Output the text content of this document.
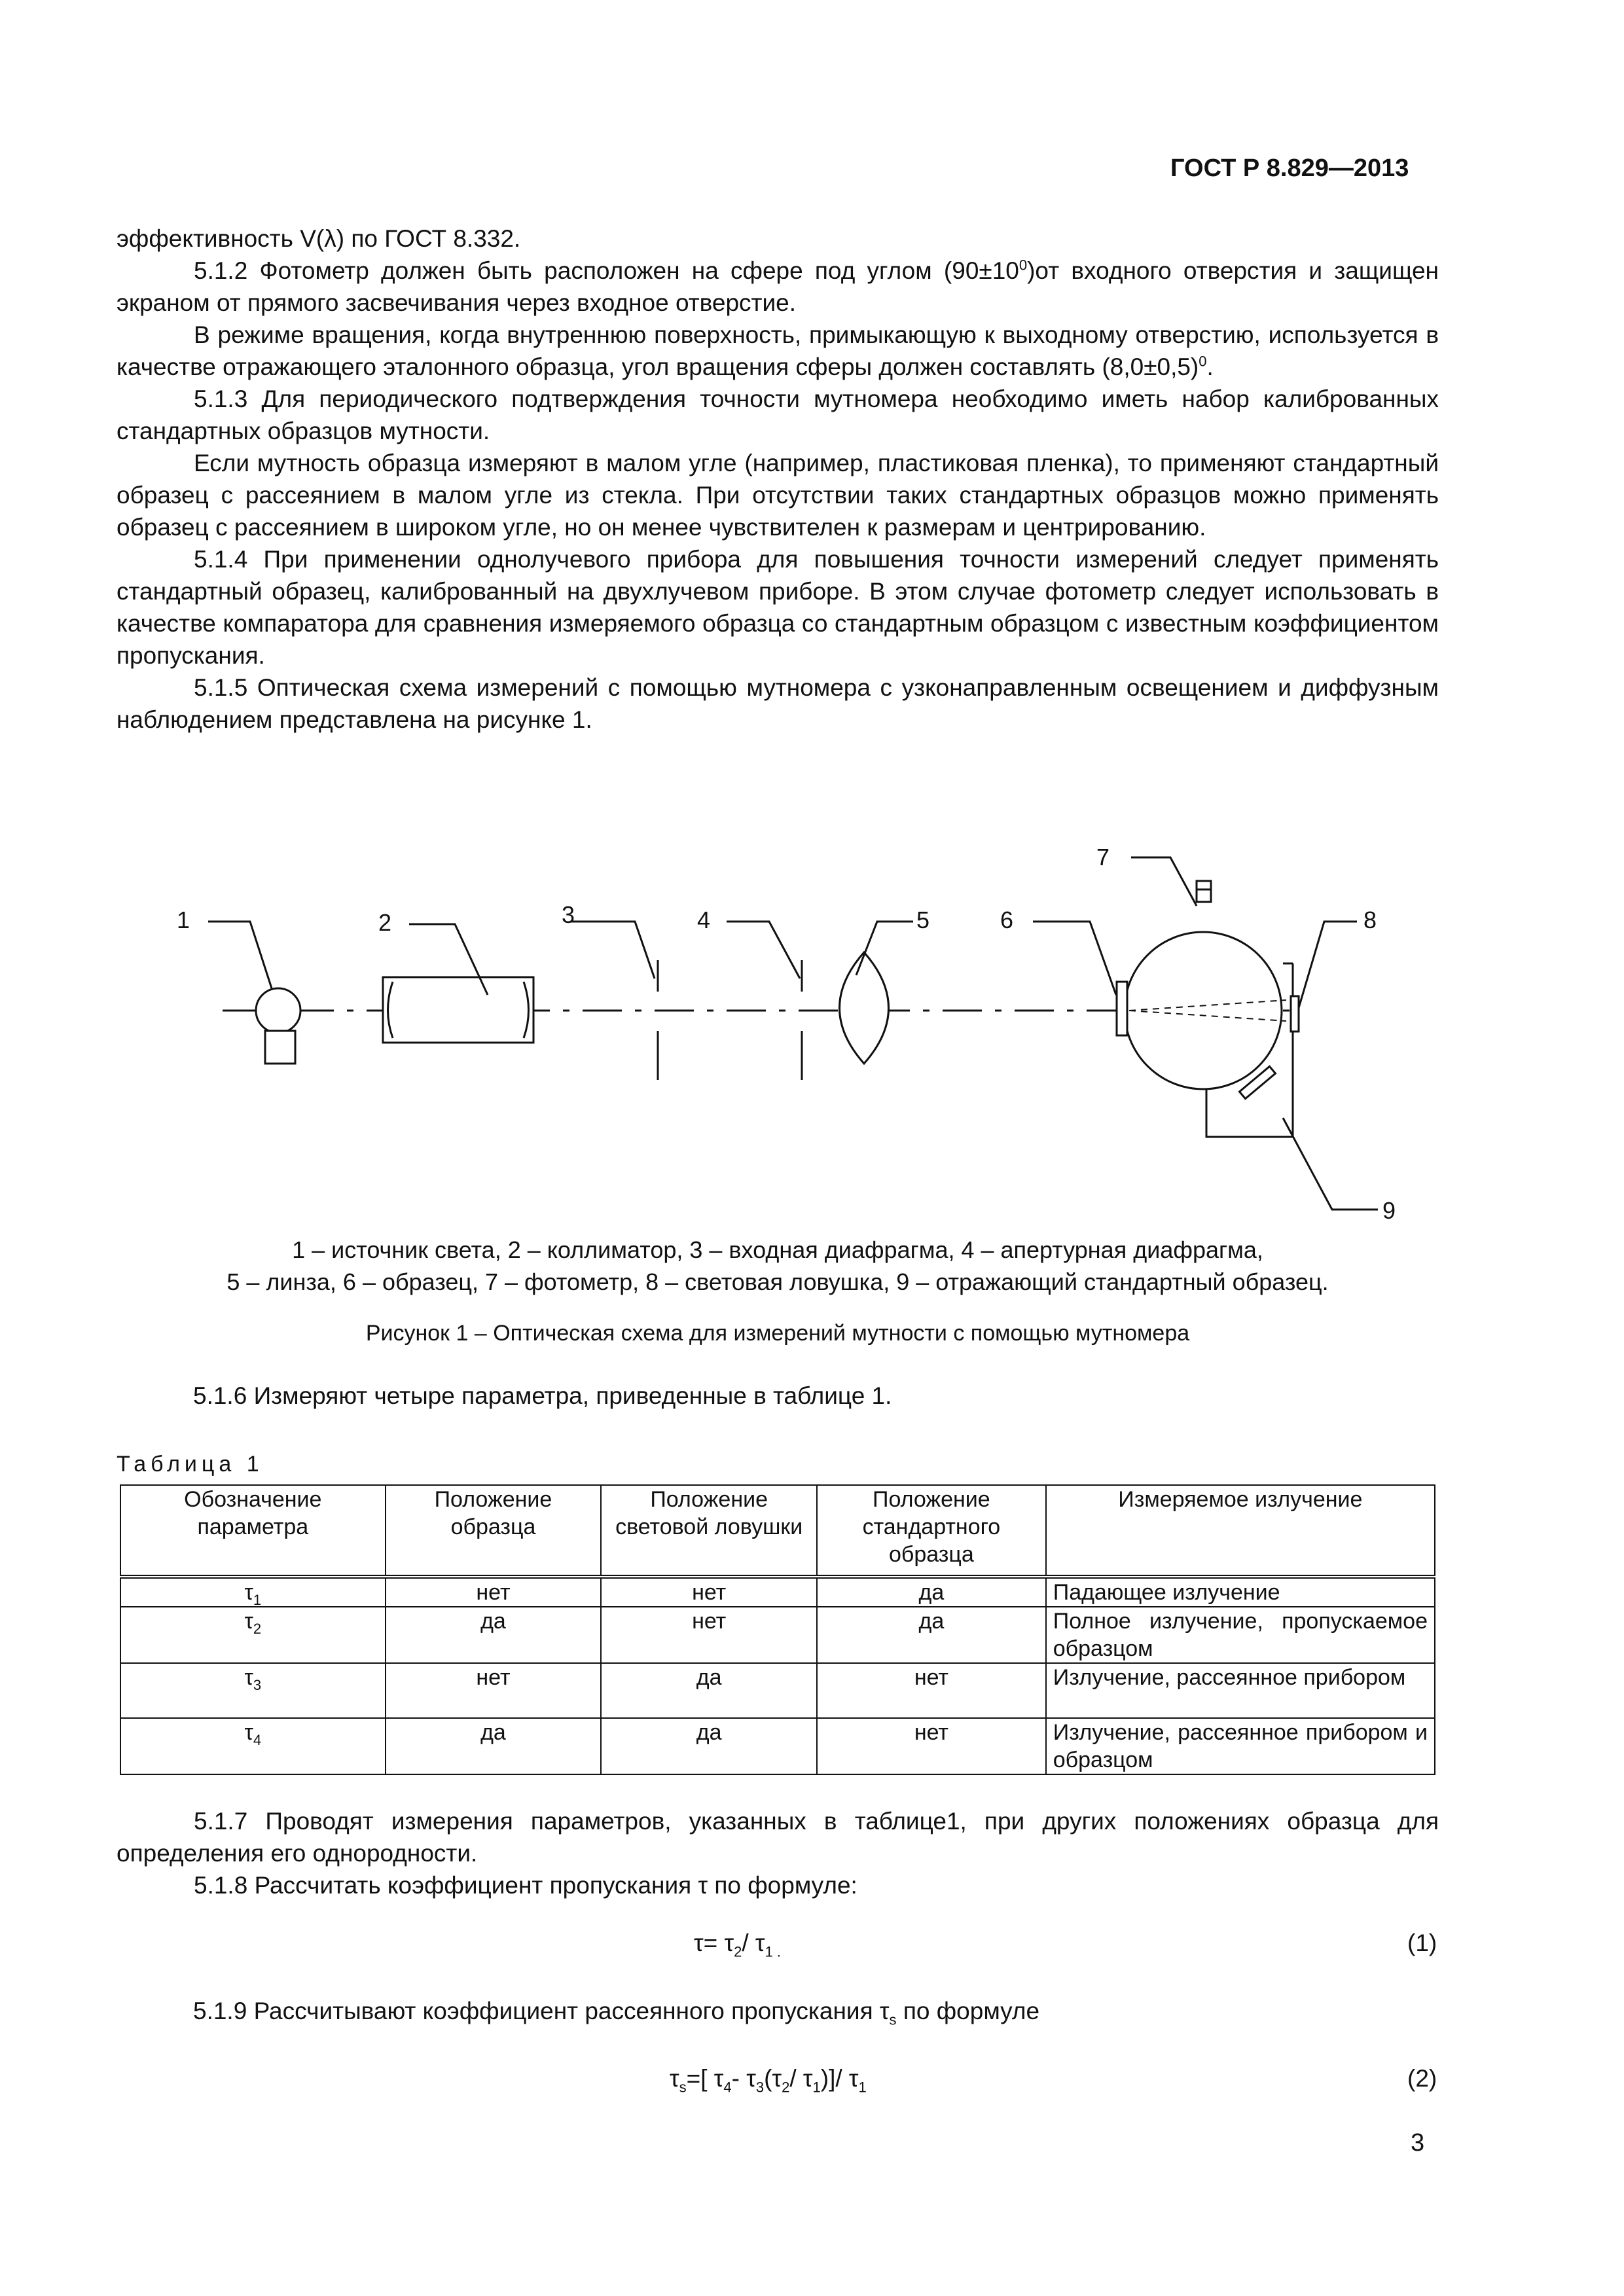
ГОСТ Р 8.829—2013

эффективность V(λ) по ГОСТ 8.332.

5.1.2 Фотометр должен быть расположен на сфере под углом $(90\pm 10^0)от$ входного отверстия и защищен экраном от прямого засвечивания через входное отверстие.

В режиме вращения, когда внутреннюю поверхность, примыкающую к выходному отверстию, используется в качестве отражающего эталонного образца, угол вращения сферы должен составлять $(8,0\pm 0,5)^0$.

5.1.3 Для периодического подтверждения точности мутномера необходимо иметь набор калиброванных стандартных образцов мутности.

Если мутность образца измеряют в малом угле (например, пластиковая пленка), то применяют стандартный образец с рассеянием в малом угле из стекла. При отсутствии таких стандартных образцов можно применять образец с рассеянием в широком угле, но он менее чувствителен к размерам и центрированию.

5.1.4 При применении однолучевого прибора для повышения точности измерений следует применять стандартный образец, калиброванный на двухлучевом приборе. В этом случае фотометр следует использовать в качестве компаратора для сравнения измеряемого образца со стандартным образцом с известным коэффициентом пропускания.

5.1.5 Оптическая схема измерений с помощью мутномера с узконаправленным освещением и диффузным наблюдением представлена на рисунке 1.

1	2	3	4	5	6
7
8
9
1 – источник света, 2 – коллиматор, 3 – входная диафрагма, 4 – апертурная диафрагма,
5 – линза, 6 – образец, 7 – фотометр, 8 – световая ловушка, 9 – отражающий стандартный образец.
Рисунок 1 – Оптическая схема для измерений мутности с помощью мутномера
5.1.6 Измеряют четыре параметра, приведенные в таблице 1.
Таблица 1
Обозначение параметра	Положение образца	Положение световой ловушки	Положение стандартного образца	Измеряемое излучение
$\tau_1$	нет	нет	да	Падающее излучение
$\tau_2$	да	нет	да	Полное излучение, пропускаемое образцом
$\tau_3$	нет	да	нет	Излучение, рассеянное прибором
$\tau_4$	да	да	нет	Излучение, рассеянное прибором и образцом

5.1.7 Проводят измерения параметров, указанных в таблице1, при других положениях образца для определения его однородности.

5.1.8 Рассчитать коэффициент пропускания τ по формуле:

$\tau= \tau_2/$ $\tau_{1 .}$	(1)
5.1.9 Рассчитывают коэффициент рассеянного пропускания $\tau_s$ по формуле
$\tau_s=$[ $\tau_4-$ $\tau_3(\tau_2/$ $\tau_1)]/$ $\tau_1$	(2)
3
